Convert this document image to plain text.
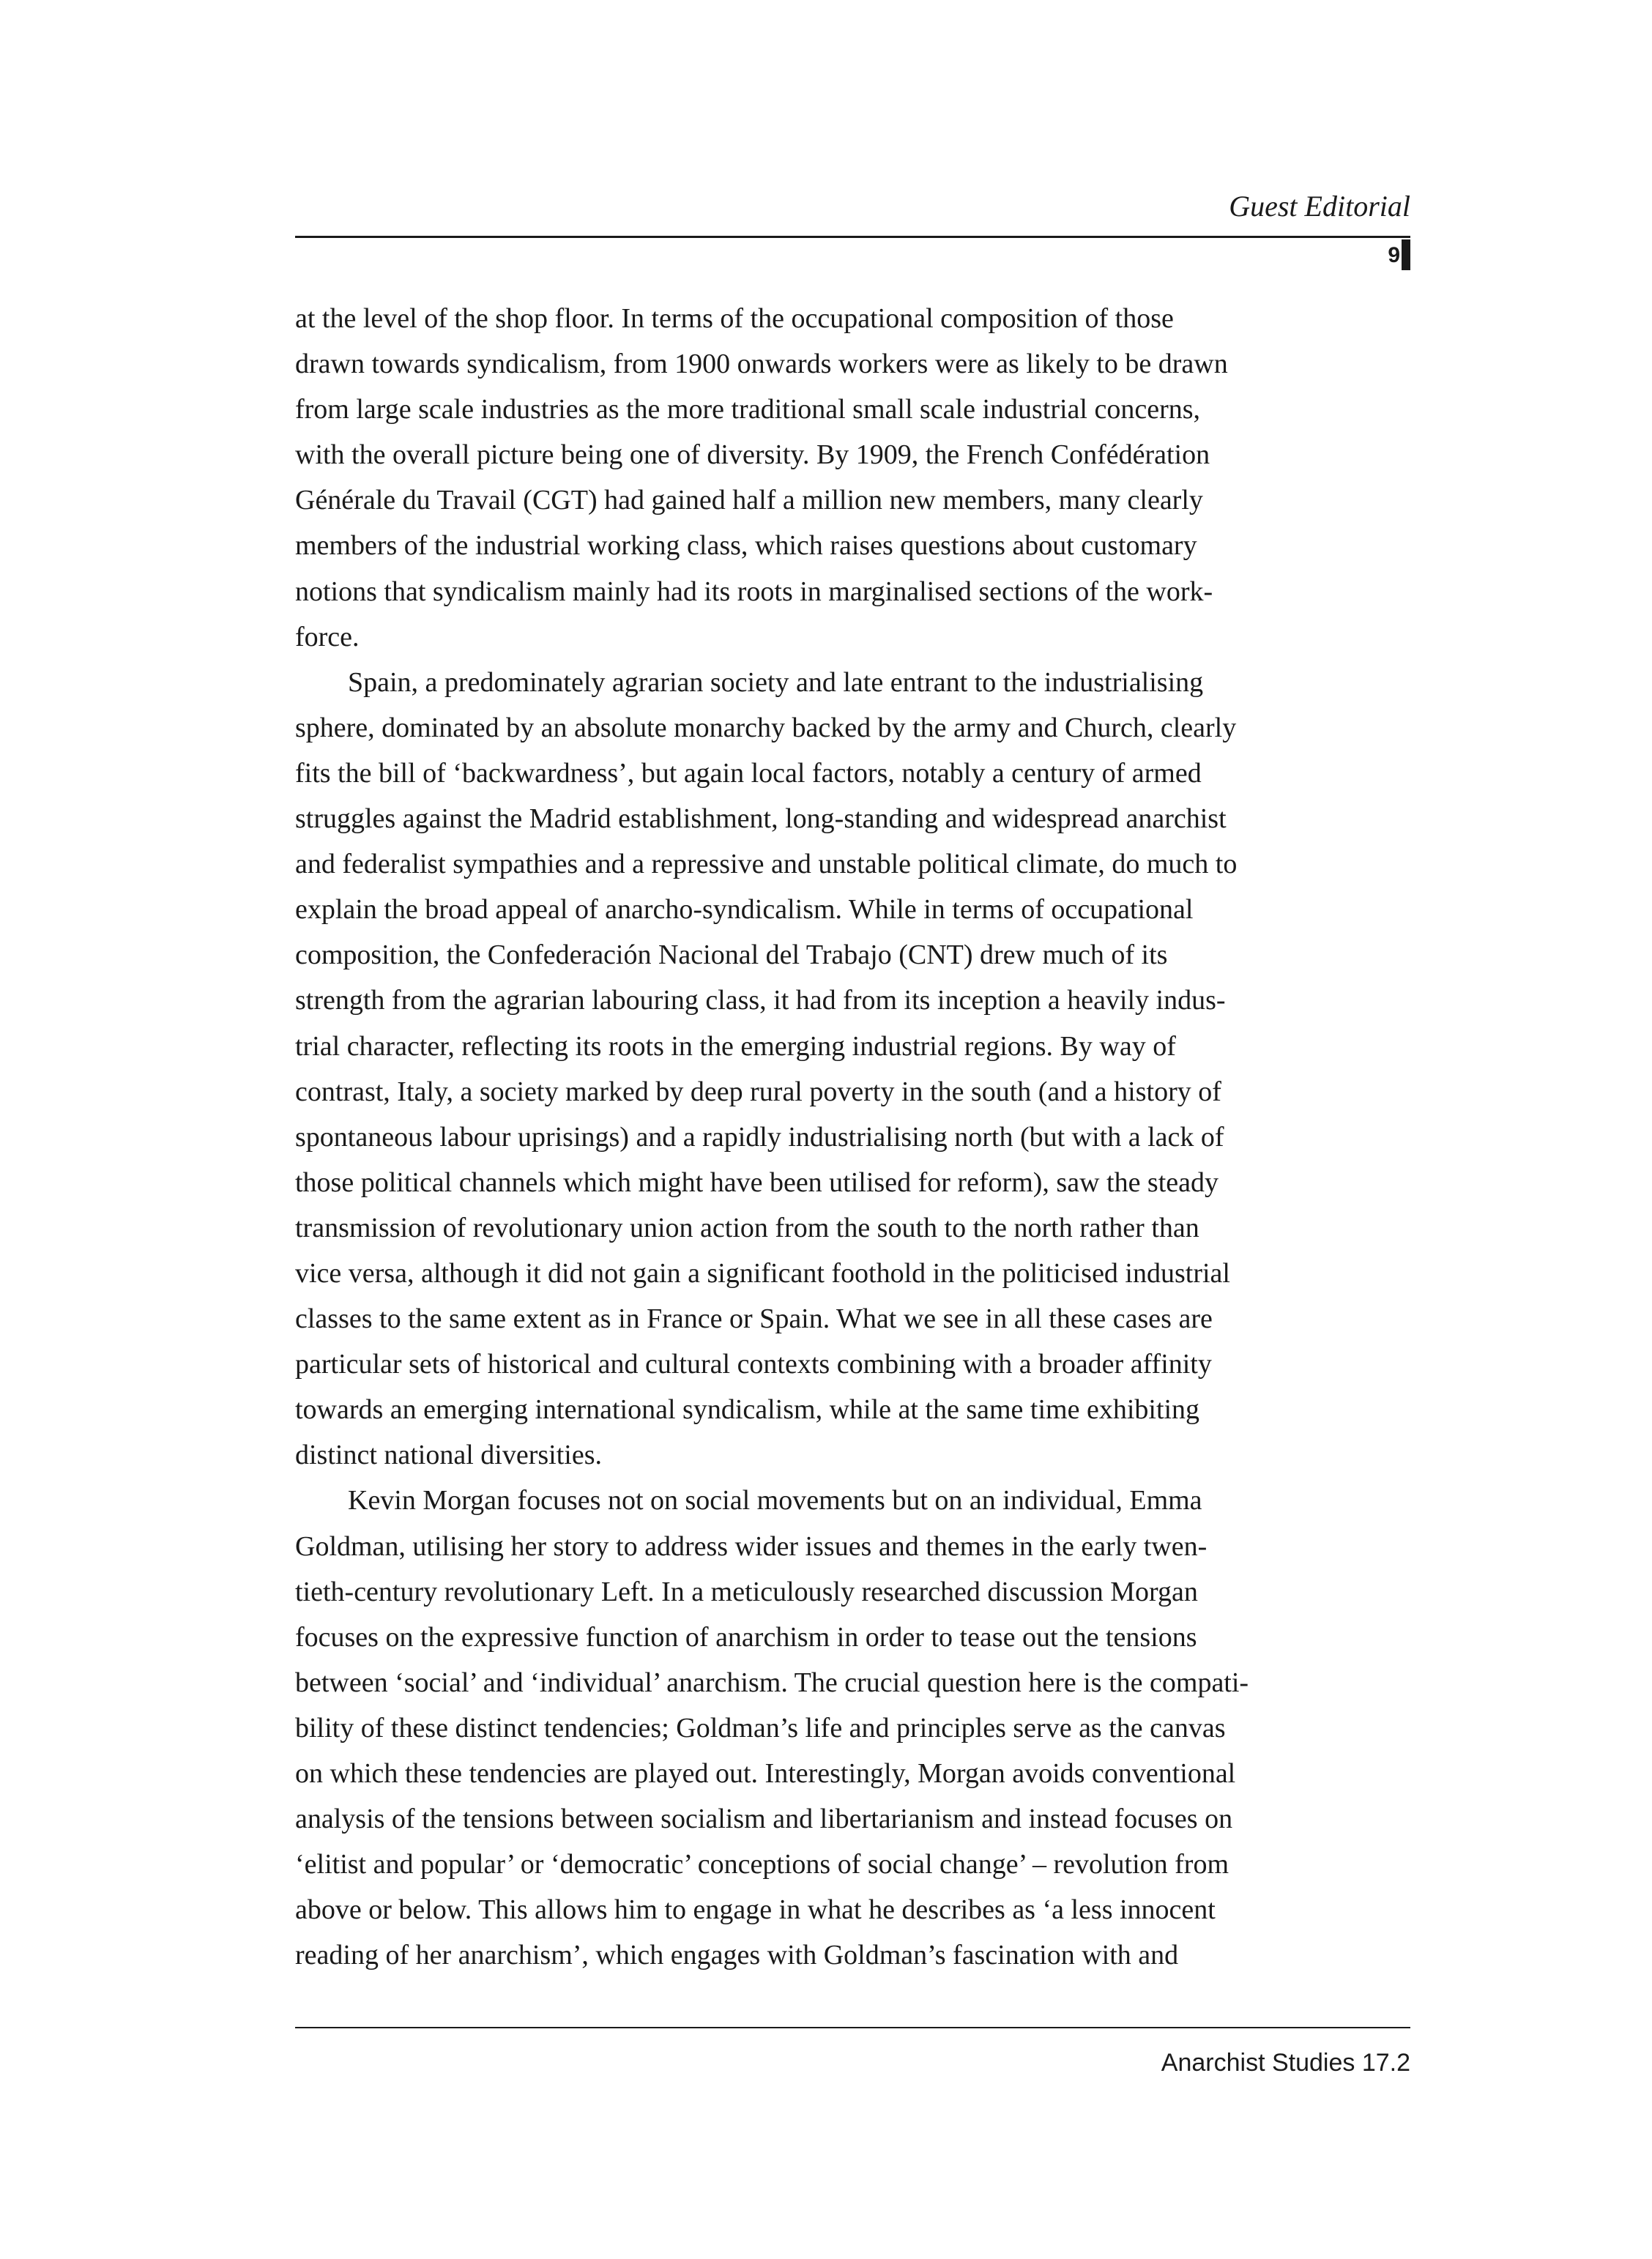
Guest Editorial
9

at the level of the shop floor. In terms of the occupational composition of those
drawn towards syndicalism, from 1900 onwards workers were as likely to be drawn
from large scale industries as the more traditional small scale industrial concerns,
with the overall picture being one of diversity. By 1909, the French Confédération
Générale du Travail (CGT) had gained half a million new members, many clearly
members of the industrial working class, which raises questions about customary
notions that syndicalism mainly had its roots in marginalised sections of the work-
force.

Spain, a predominately agrarian society and late entrant to the industrialising
sphere, dominated by an absolute monarchy backed by the army and Church, clearly
fits the bill of ‘backwardness’, but again local factors, notably a century of armed
struggles against the Madrid establishment, long-standing and widespread anarchist
and federalist sympathies and a repressive and unstable political climate, do much to
explain the broad appeal of anarcho-syndicalism. While in terms of occupational
composition, the Confederación Nacional del Trabajo (CNT) drew much of its
strength from the agrarian labouring class, it had from its inception a heavily indus-
trial character, reflecting its roots in the emerging industrial regions. By way of
contrast, Italy, a society marked by deep rural poverty in the south (and a history of
spontaneous labour uprisings) and a rapidly industrialising north (but with a lack of
those political channels which might have been utilised for reform), saw the steady
transmission of revolutionary union action from the south to the north rather than
vice versa, although it did not gain a significant foothold in the politicised industrial
classes to the same extent as in France or Spain. What we see in all these cases are
particular sets of historical and cultural contexts combining with a broader affinity
towards an emerging international syndicalism, while at the same time exhibiting
distinct national diversities.

Kevin Morgan focuses not on social movements but on an individual, Emma
Goldman, utilising her story to address wider issues and themes in the early twen-
tieth-century revolutionary Left. In a meticulously researched discussion Morgan
focuses on the expressive function of anarchism in order to tease out the tensions
between ‘social’ and ‘individual’ anarchism. The crucial question here is the compati-
bility of these distinct tendencies; Goldman’s life and principles serve as the canvas
on which these tendencies are played out. Interestingly, Morgan avoids conventional
analysis of the tensions between socialism and libertarianism and instead focuses on
‘elitist and popular’ or ‘democratic’ conceptions of social change’ – revolution from
above or below. This allows him to engage in what he describes as ‘a less innocent
reading of her anarchism’, which engages with Goldman’s fascination with and

Anarchist Studies 17.2
